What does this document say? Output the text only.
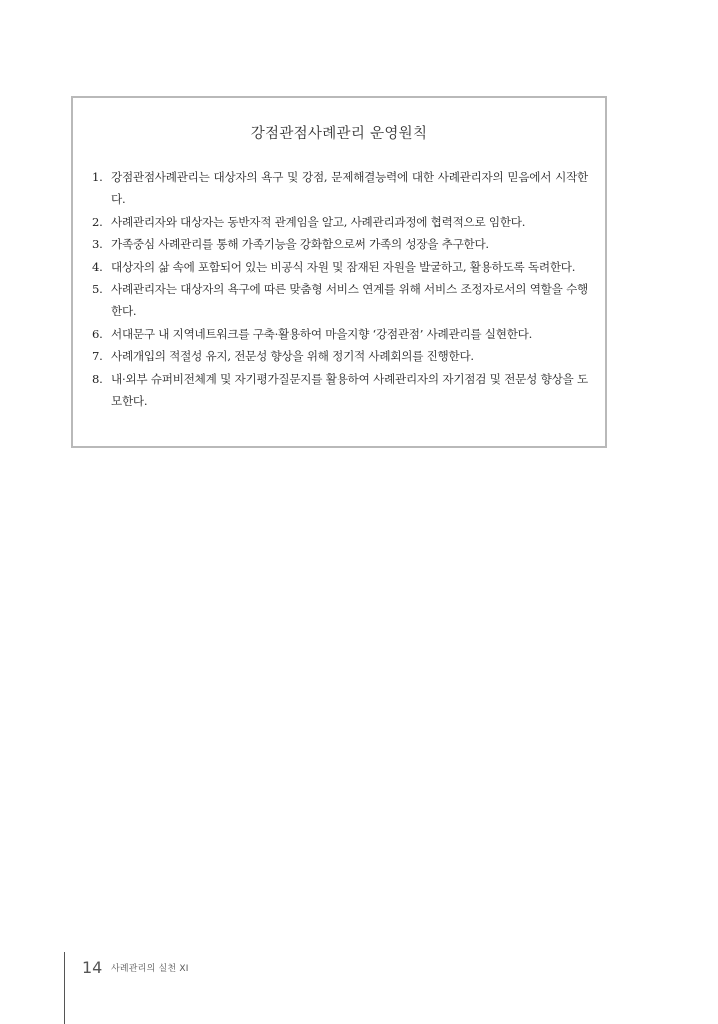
강점관점사례관리 운영원칙
1. 강점관점사례관리는 대상자의 욕구 및 강점, 문제해결능력에 대한 사례관리자의 믿음에서 시작한다.
2. 사례관리자와 대상자는 동반자적 관계임을 알고, 사례관리과정에 협력적으로 임한다.
3. 가족중심 사례관리를 통해 가족기능을 강화함으로써 가족의 성장을 추구한다.
4. 대상자의 삶 속에 포함되어 있는 비공식 자원 및 잠재된 자원을 발굴하고, 활용하도록 독려한다.
5. 사례관리자는 대상자의 욕구에 따른 맞춤형 서비스 연계를 위해 서비스 조정자로서의 역할을 수행한다.
6. 서대문구 내 지역네트워크를 구축·활용하여 마을지향 ‘강점관점’ 사례관리를 실현한다.
7. 사례개입의 적절성 유지, 전문성 향상을 위해 정기적 사례회의를 진행한다.
8. 내·외부 슈퍼비전체계 및 자기평가질문지를 활용하여 사례관리자의 자기점검 및 전문성 향상을 도모한다.
14 사례관리의 실천 XI
